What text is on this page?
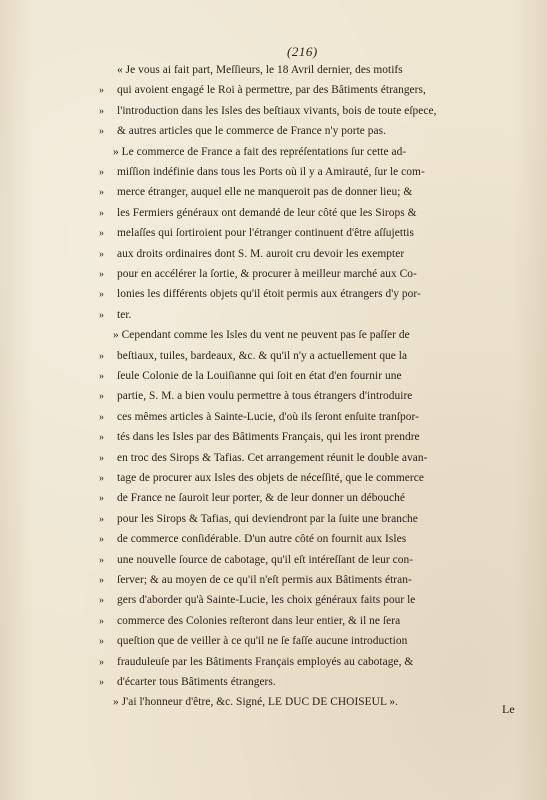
(216)
« Je vous ai fait part, Meſſieurs, le 18 Avril dernier, des motifs
» qui avoient engagé le Roi à permettre, par des Bâtiments étrangers,
» l'introduction dans les Isles des beſtiaux vivants, bois de toute eſpece,
» & autres articles que le commerce de France n'y porte pas.
» Le commerce de France a fait des repréſentations ſur cette ad-
» miſſion indéfinie dans tous les Ports où il y a Amirauté, ſur le com-
» merce étranger, auquel elle ne manqueroit pas de donner lieu; &
» les Fermiers généraux ont demandé de leur côté que les Sirops &
» melaſſes qui ſortiroient pour l'étranger continuent d'être aſſujettis
» aux droits ordinaires dont S. M. auroit cru devoir les exempter
» pour en accélérer la ſortie, & procurer à meilleur marché aux Co-
» lonies les différents objets qu'il étoit permis aux étrangers d'y por-
» ter.
» Cependant comme les Isles du vent ne peuvent pas ſe paſſer de
» beſtiaux, tuiles, bardeaux, &c. & qu'il n'y a actuellement que la
» ſeule Colonie de la Louiſianne qui ſoit en état d'en fournir une
» partie, S. M. a bien voulu permettre à tous étrangers d'introduire
» ces mêmes articles à Sainte-Lucie, d'où ils ſeront enſuite tranſpor-
» tés dans les Isles par des Bâtiments Français, qui les iront prendre
» en troc des Sirops & Tafias. Cet arrangement réunit le double avan-
» tage de procurer aux Isles des objets de néceſſité, que le commerce
» de France ne ſauroit leur porter, & de leur donner un débouché
» pour les Sirops & Tafias, qui deviendront par la ſuite une branche
» de commerce conſidérable. D'un autre côté on fournit aux Isles
» une nouvelle ſource de cabotage, qu'il eſt intéreſſant de leur con-
» ſerver; & au moyen de ce qu'il n'eſt permis aux Bâtiments étran-
» gers d'aborder qu'à Sainte-Lucie, les choix généraux faits pour le
» commerce des Colonies reſteront dans leur entier, & il ne ſera
» queſtion que de veiller à ce qu'il ne ſe faſſe aucune introduction
» frauduleuſe par les Bâtiments Français employés au cabotage, &
» d'écarter tous Bâtiments étrangers.
» J'ai l'honneur d'être, &c. Signé, LE DUC DE CHOISEUL ».	Le
